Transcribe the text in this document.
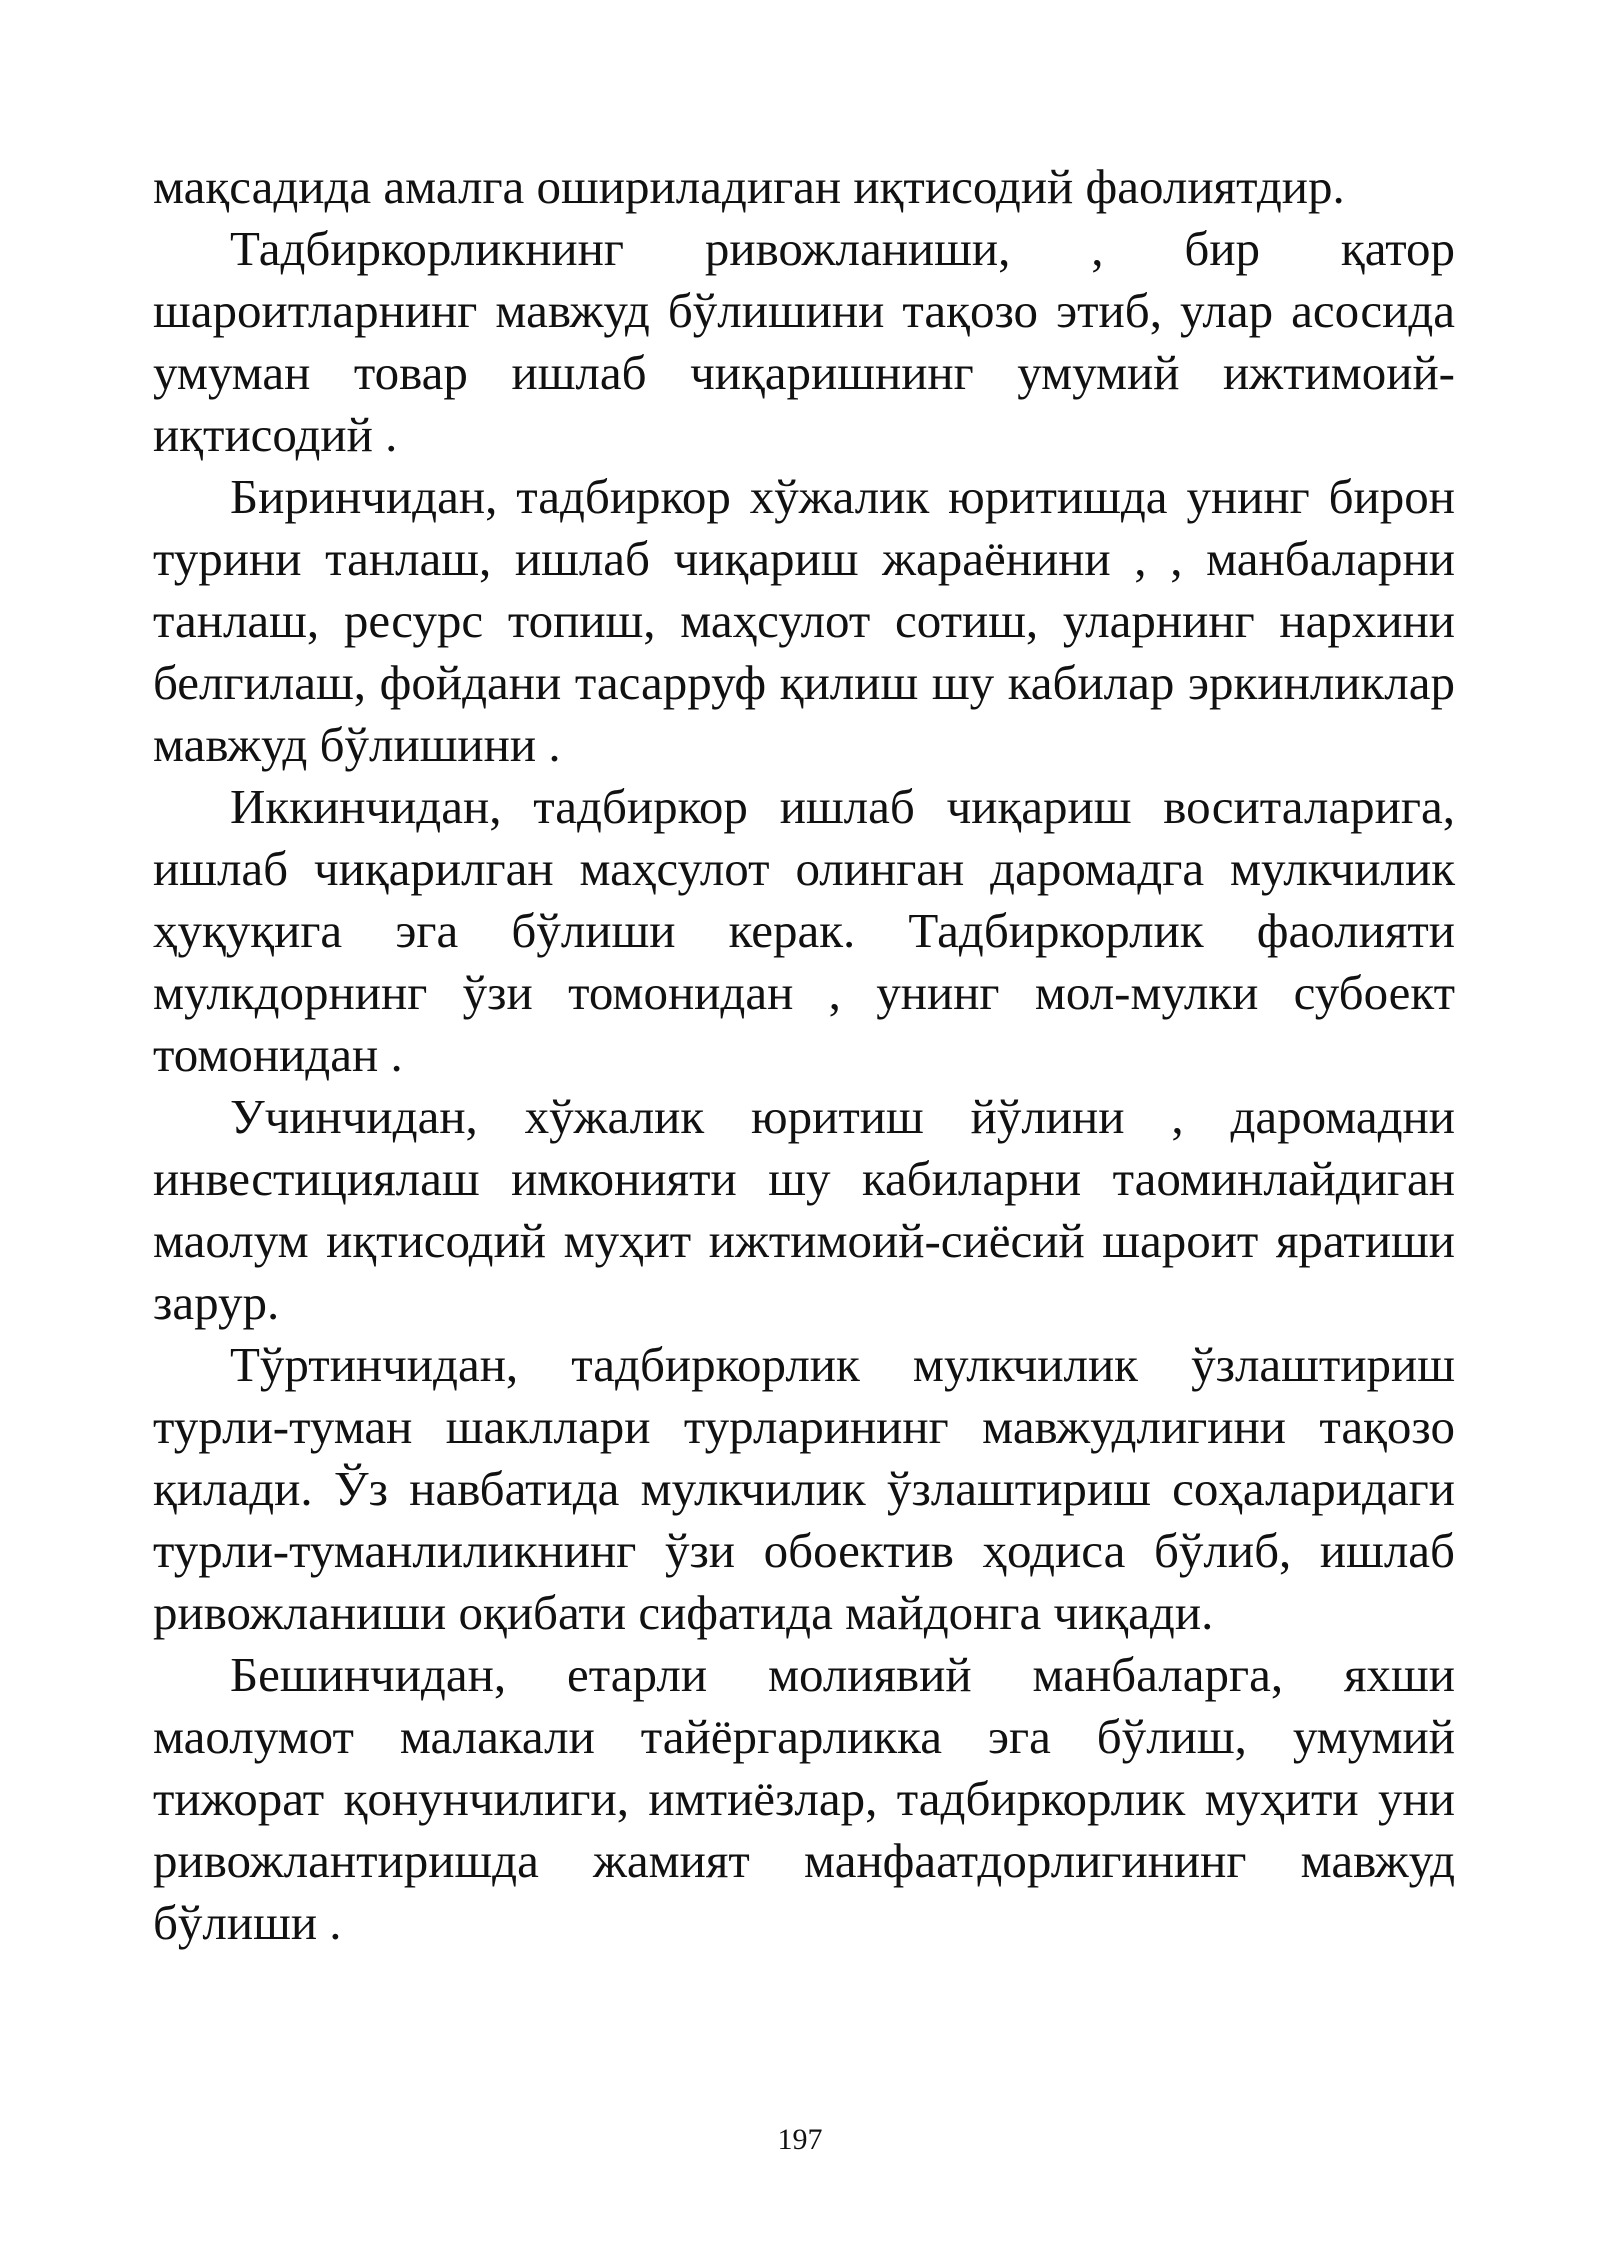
мақсадида амалга ошириладиган иқтисодий фаолиятдир.

Тадбиркорликнинг ривожланиши, , бир қатор шароитларнинг мавжуд бўлишини тақозо этиб, улар асосида умуман товар ишлаб чиқаришнинг умумий ижтимоий-иқтисодий .

Биринчидан, тадбиркор хўжалик юритишда унинг бирон турини танлаш, ишлаб чиқариш жараёнини , , манбаларни танлаш, ресурс топиш, маҳсулот сотиш, уларнинг нархини белгилаш, фойдани тасарруф қилиш шу кабилар эркинликлар мавжуд бўлишини .

Иккинчидан, тадбиркор ишлаб чиқариш воситаларига, ишлаб чиқарилган маҳсулот олинган даромадга мулкчилик ҳуқуқига эга бўлиши керак. Тадбиркорлик фаолияти мулкдорнинг ўзи томонидан , унинг мол-мулки субоект томонидан .

Учинчидан, хўжалик юритиш йўлини , даромадни инвестициялаш имконияти шу кабиларни таоминлайдиган маолум иқтисодий муҳит ижтимоий-сиёсий шароит яратиши зарур.

Тўртинчидан, тадбиркорлик мулкчилик ўзлаштириш турли-туман шакллари турларининг мавжудлигини тақозо қилади. Ўз навбатида мулкчилик ўзлаштириш соҳаларидаги турли-туманлиликнинг ўзи обоектив ҳодиса бўлиб, ишлаб ривожланиши оқибати сифатида майдонга чиқади.

Бешинчидан, етарли молиявий манбаларга, яхши маолумот малакали тайёргарликка эга бўлиш, умумий тижорат қонунчилиги, имтиёзлар, тадбиркорлик муҳити уни ривожлантиришда жамият манфаатдорлигининг мавжуд бўлиши .

197
